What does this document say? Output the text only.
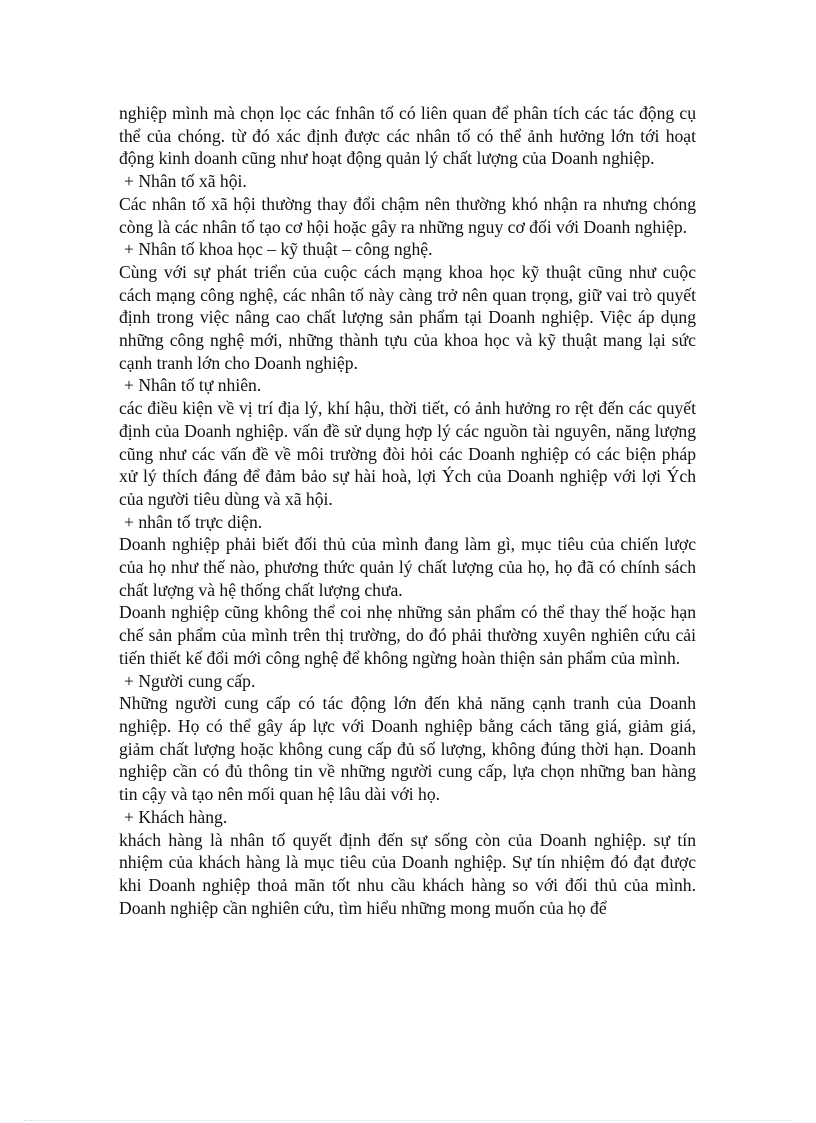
nghiệp mình mà chọn lọc các fnhân tố có liên quan để phân tích các tác động cụ thể của chóng. từ đó xác định được các nhân tố có thể ảnh hưởng lớn tới hoạt động kinh doanh cũng như hoạt động quản lý chất lượng của Doanh nghiệp.

+ Nhân tố xã hội.

Các nhân tố xã hội thường thay đổi chậm nên thường khó nhận ra nhưng chóng còng là các nhân tố tạo cơ hội hoặc gây ra những nguy cơ đối với Doanh nghiệp.

+ Nhân tố khoa học – kỹ thuật – công nghệ.

Cùng với sự phát triển của cuộc cách mạng khoa học kỹ thuật cũng như cuộc cách mạng công nghệ, các nhân tố này càng trở nên quan trọng, giữ vai trò quyết định trong việc nâng cao chất lượng sản phẩm tại Doanh nghiệp. Việc áp dụng những công nghệ mới, những thành tựu của khoa học và kỹ thuật mang lại sức cạnh tranh lớn cho Doanh nghiệp.

+ Nhân tố tự nhiên.

các điều kiện về vị trí địa lý, khí hậu, thời tiết, có ảnh hưởng ro rệt đến các quyết định của Doanh nghiệp. vấn đề sử dụng hợp lý các nguồn tài nguyên, năng lượng cũng như các vấn đề về môi trường đòi hỏi các Doanh nghiệp có các biện pháp xử lý thích đáng để đảm bảo sự hài hoà, lợi Ých của Doanh nghiệp với lợi Ých của người tiêu dùng và xã hội.

+ nhân tố trực diện.

Doanh nghiệp phải biết đối thủ của mình đang làm gì, mục tiêu của chiến lược của họ như thế nào, phương thức quản lý chất lượng của họ, họ đã có chính sách chất lượng và hệ thống chất lượng chưa.

Doanh nghiệp cũng không thể coi nhẹ những sản phẩm có thể thay thế hoặc hạn chế sản phẩm của mình trên thị trường, do đó phải thường xuyên nghiên cứu cải tiến thiết kế đổi mới công nghệ để không ngừng hoàn thiện sản phẩm của mình.

+ Người cung cấp.

Những người cung cấp có tác động lớn đến khả năng cạnh tranh của Doanh nghiệp. Họ có thể gây áp lực với Doanh nghiệp bằng cách tăng giá, giảm giá, giảm chất lượng hoặc không cung cấp đủ số lượng, không đúng thời hạn. Doanh nghiệp cần có đủ thông tin về những người cung cấp, lựa chọn những ban hàng tin cậy và tạo nên mối quan hệ lâu dài với họ.

+ Khách hàng.

khách hàng là nhân tố quyết định đến sự sống còn của Doanh nghiệp. sự tín nhiệm của khách hàng là mục tiêu của Doanh nghiệp. Sự tín nhiệm đó đạt được khi Doanh nghiệp thoả mãn tốt nhu cầu khách hàng so với đối thủ của mình. Doanh nghiệp cần nghiên cứu, tìm hiểu những mong muốn của họ để
